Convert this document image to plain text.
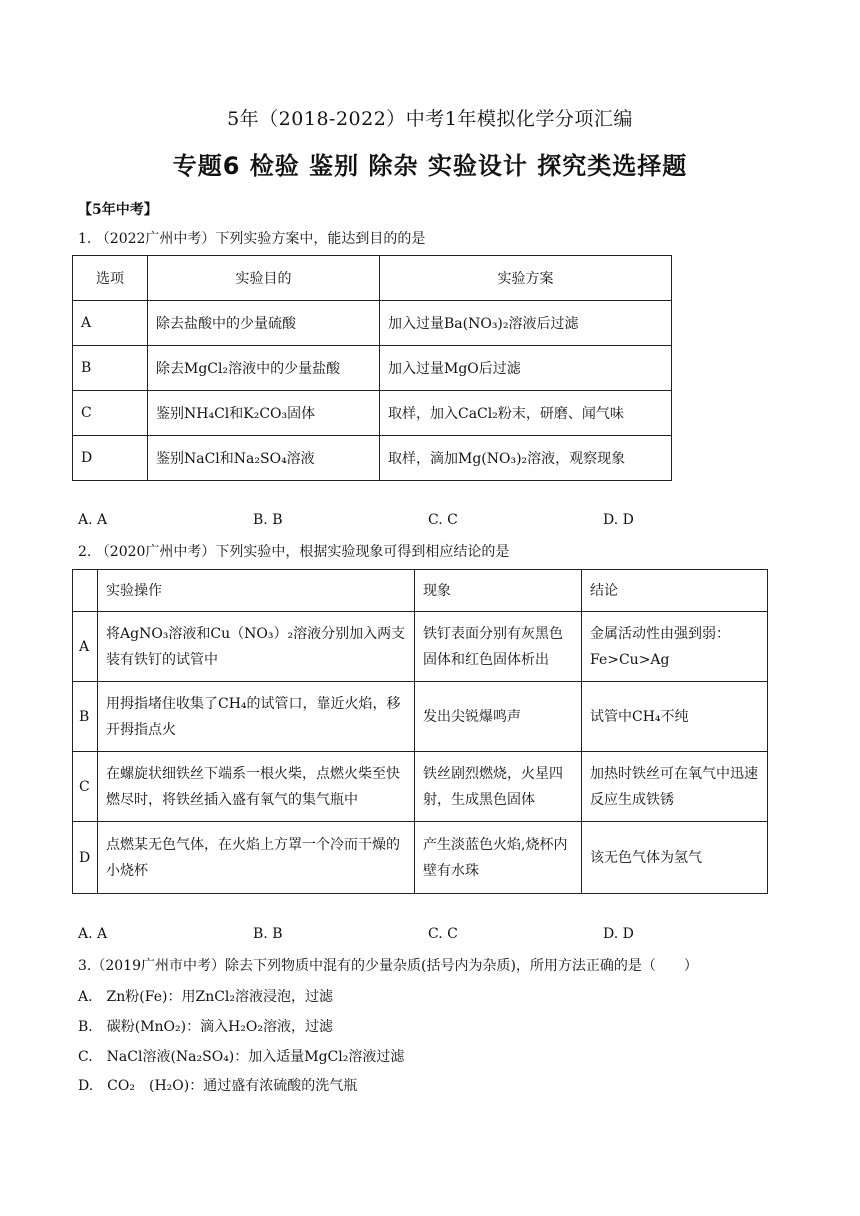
5年（2018-2022）中考1年模拟化学分项汇编
专题6 检验 鉴别 除杂 实验设计 探究类选择题
【5年中考】
1. （2022广州中考）下列实验方案中，能达到目的的是
选项	实验目的	实验方案
A	除去盐酸中的少量硫酸	加入过量Ba(NO₃)₂溶液后过滤
B	除去MgCl₂溶液中的少量盐酸	加入过量MgO后过滤
C	鉴别NH₄Cl和K₂CO₃固体	取样，加入CaCl₂粉末，研磨、闻气味
D	鉴别NaCl和Na₂SO₄溶液	取样，滴加Mg(NO₃)₂溶液，观察现象
A. A	B. B	C. C	D. D
2. （2020广州中考）下列实验中，根据实验现象可得到相应结论的是
	实验操作	现象	结论
A	将AgNO₃溶液和Cu（NO₃）₂溶液分别加入两支装有铁钉的试管中	铁钉表面分别有灰黑色固体和红色固体析出	金属活动性由强到弱：Fe>Cu>Ag
B	用拇指堵住收集了CH₄的试管口，靠近火焰，移开拇指点火	发出尖锐爆鸣声	试管中CH₄不纯
C	在螺旋状细铁丝下端系一根火柴，点燃火柴至快燃尽时，将铁丝插入盛有氧气的集气瓶中	铁丝剧烈燃烧，火星四射，生成黑色固体	加热时铁丝可在氧气中迅速反应生成铁锈
D	点燃某无色气体，在火焰上方罩一个冷而干燥的小烧杯	产生淡蓝色火焰,烧杯内壁有水珠	该无色气体为氢气
A. A	B. B	C. C	D. D
3.（2019广州市中考）除去下列物质中混有的少量杂质(括号内为杂质)，所用方法正确的是（　　）
A.　Zn粉(Fe)：用ZnCl₂溶液浸泡，过滤
B.　碳粉(MnO₂)：滴入H₂O₂溶液，过滤
C.　NaCl溶液(Na₂SO₄)：加入适量MgCl₂溶液过滤
D.　CO₂　(H₂O)：通过盛有浓硫酸的洗气瓶
